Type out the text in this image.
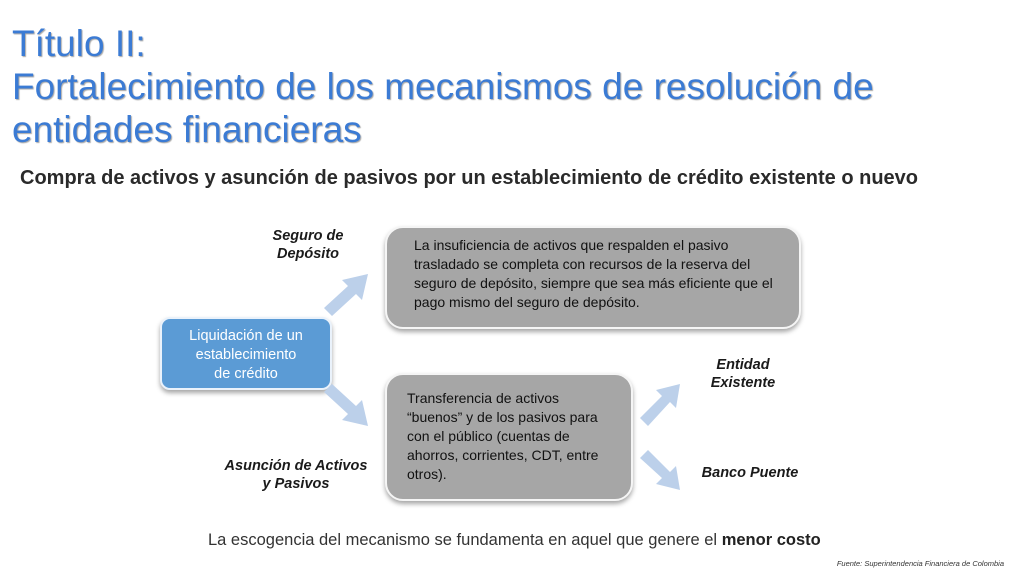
Título II:
Fortalecimiento de los mecanismos de resolución de
entidades financieras
Compra de activos y asunción de pasivos por un establecimiento de crédito existente o nuevo
Liquidación de un
establecimiento
de crédito
Seguro de
Depósito
La insuficiencia de activos que respalden el pasivo trasladado se completa con recursos de la reserva del seguro de depósito, siempre que sea más eficiente que el pago mismo del seguro de depósito.
Transferencia de activos “buenos” y de los pasivos para con el público (cuentas de ahorros, corrientes, CDT, entre otros).
Asunción de Activos
y Pasivos
Entidad
Existente
Banco Puente
La escogencia del mecanismo se fundamenta en aquel que genere el menor costo
Fuente: Superintendencia Financiera de Colombia
